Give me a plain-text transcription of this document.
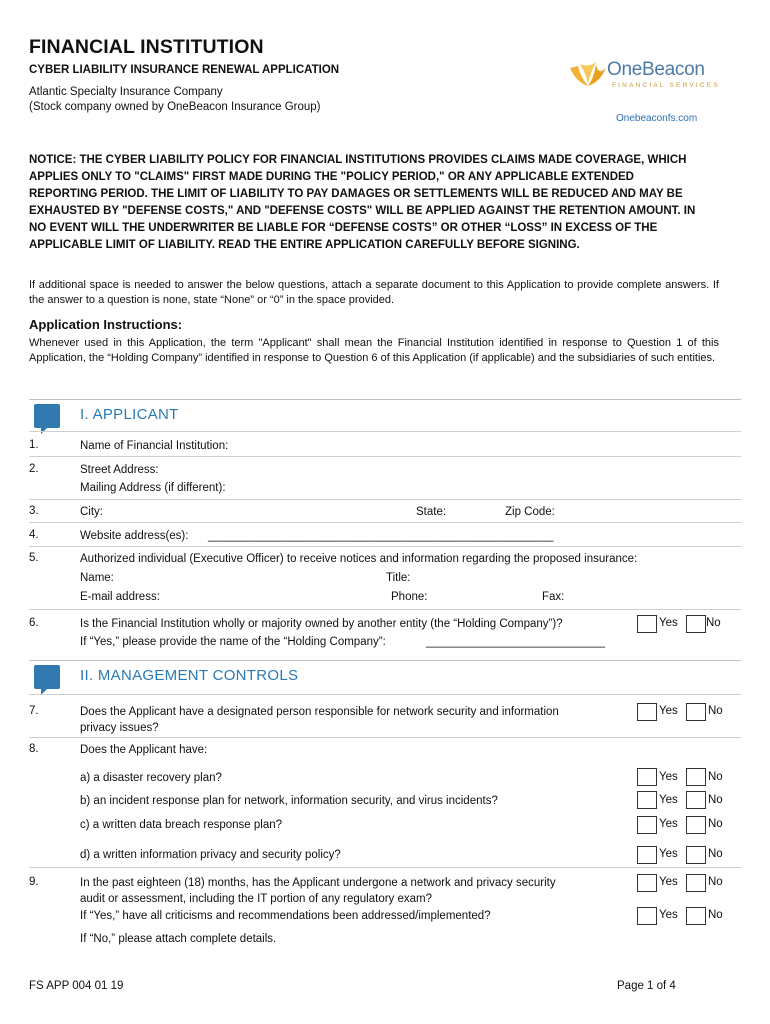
FINANCIAL INSTITUTION
CYBER LIABILITY INSURANCE RENEWAL APPLICATION
Atlantic Specialty Insurance Company
(Stock company owned by OneBeacon Insurance Group)
OneBeacon
FINANCIAL SERVICES
Onebeaconfs.com
NOTICE: THE CYBER LIABILITY POLICY FOR FINANCIAL INSTITUTIONS PROVIDES CLAIMS MADE COVERAGE, WHICH APPLIES ONLY TO "CLAIMS" FIRST MADE DURING THE "POLICY PERIOD," OR ANY APPLICABLE EXTENDED REPORTING PERIOD. THE LIMIT OF LIABILITY TO PAY DAMAGES OR SETTLEMENTS WILL BE REDUCED AND MAY BE EXHAUSTED BY "DEFENSE COSTS," AND "DEFENSE COSTS" WILL BE APPLIED AGAINST THE RETENTION AMOUNT. IN NO EVENT WILL THE UNDERWRITER BE LIABLE FOR “DEFENSE COSTS” OR OTHER “LOSS” IN EXCESS OF THE APPLICABLE LIMIT OF LIABILITY. READ THE ENTIRE APPLICATION CAREFULLY BEFORE SIGNING.
If additional space is needed to answer the below questions, attach a separate document to this Application to provide complete answers. If the answer to a question is none, state “None” or “0” in the space provided.
Application Instructions:
Whenever used in this Application, the term "Applicant" shall mean the Financial Institution identified in response to Question 1 of this Application, the “Holding Company” identified in response to Question 6 of this Application (if applicable) and the subsidiaries of such entities.
I. APPLICANT
1.	Name of Financial Institution:
2.	Street Address:
Mailing Address (if different):
3.	City:	State:	Zip Code:
4.	Website address(es): ______________________________________________________
5.	Authorized individual (Executive Officer) to receive notices and information regarding the proposed insurance:
Name:	Title:
E-mail address:	Phone:	Fax:
6.	Is the Financial Institution wholly or majority owned by another entity (the “Holding Company”)?
If “Yes,” please provide the name of the “Holding Company”:	____________________________
Yes No
II. MANAGEMENT CONTROLS
7.	Does the Applicant have a designated person responsible for network security and information
privacy issues?
Yes	No
8.	Does the Applicant have:
a) a disaster recovery plan?	Yes	No
b) an incident response plan for network, information security, and virus incidents?	Yes	No
c) a written data breach response plan?	Yes	No
d) a written information privacy and security policy?	Yes	No
9.	In the past eighteen (18) months, has the Applicant undergone a network and privacy security
audit or assessment, including the IT portion of any regulatory exam?
Yes	No
If “Yes,” have all criticisms and recommendations been addressed/implemented?	Yes	No
If “No,” please attach complete details.
FS APP 004 01 19	Page 1 of 4
